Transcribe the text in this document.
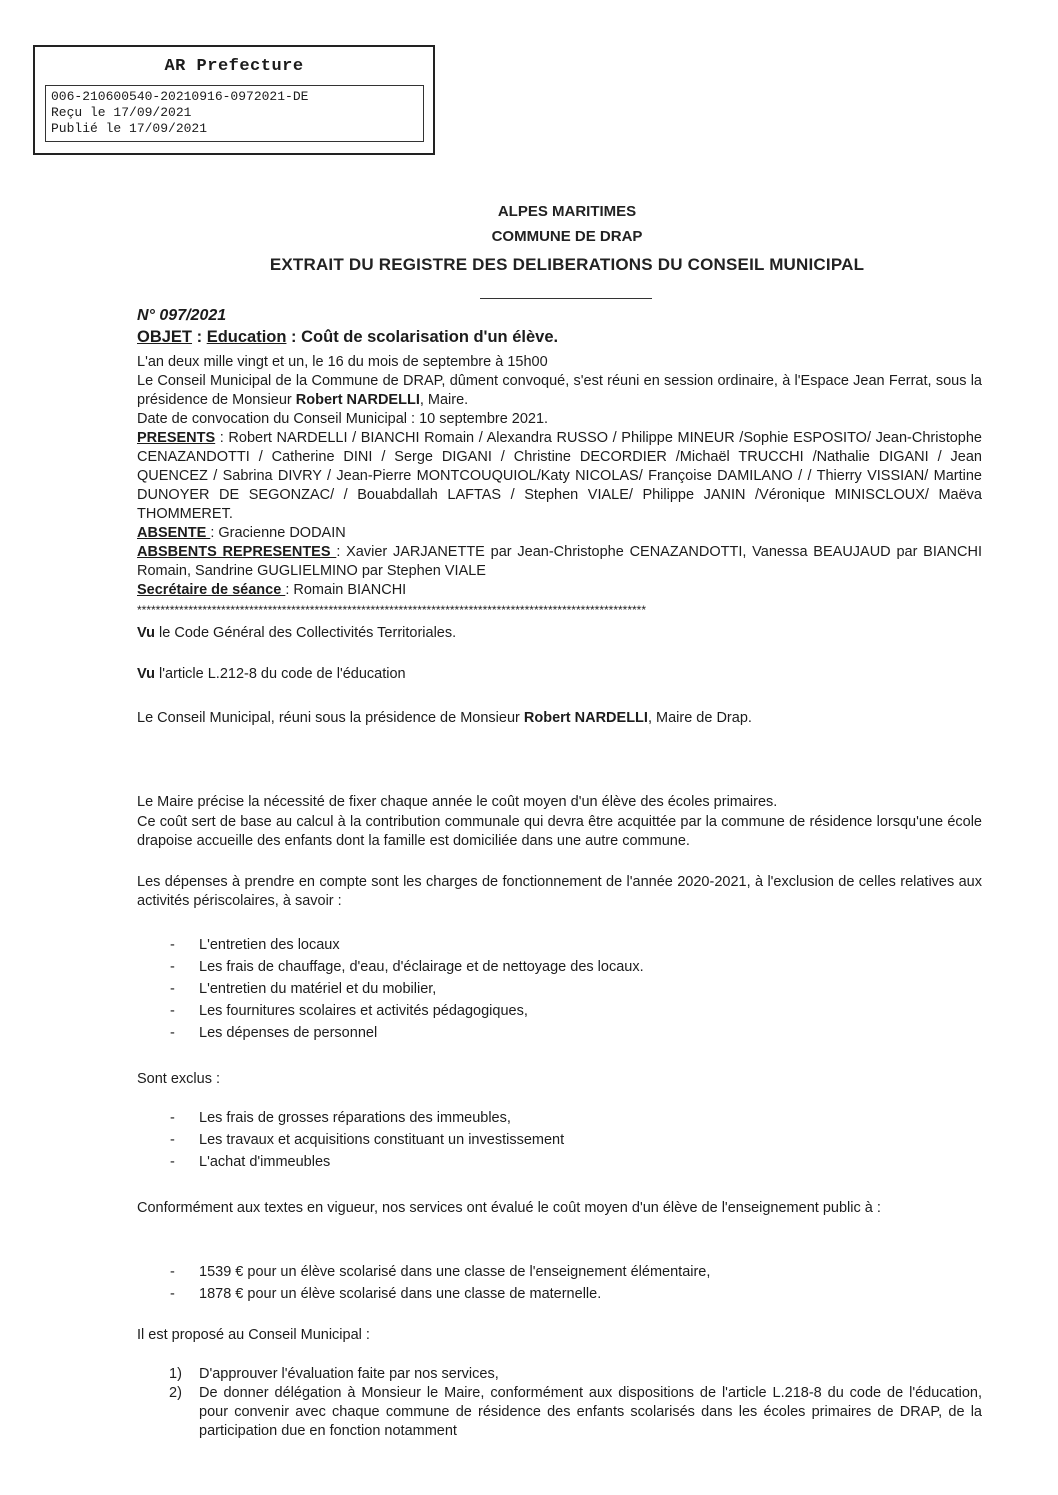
AR Prefecture
006-210600540-20210916-0972021-DE
Reçu le 17/09/2021
Publié le 17/09/2021
ALPES MARITIMES
COMMUNE DE DRAP
EXTRAIT DU REGISTRE DES DELIBERATIONS DU CONSEIL MUNICIPAL
N° 097/2021
OBJET : Education : Coût de scolarisation d'un élève.
L'an deux mille vingt et un, le 16 du mois de septembre à 15h00
Le Conseil Municipal de la Commune de DRAP, dûment convoqué, s'est réuni en session ordinaire, à l'Espace Jean Ferrat, sous la présidence de Monsieur Robert NARDELLI, Maire.
Date de convocation du Conseil Municipal : 10 septembre 2021.
PRESENTS : Robert NARDELLI / BIANCHI Romain / Alexandra RUSSO / Philippe MINEUR /Sophie ESPOSITO/ Jean-Christophe CENAZANDOTTI / Catherine DINI / Serge DIGANI / Christine DECORDIER /Michaël TRUCCHI /Nathalie DIGANI / Jean QUENCEZ / Sabrina DIVRY / Jean-Pierre MONTCOUQUIOL/Katy NICOLAS/ Françoise DAMILANO / / Thierry VISSIAN/ Martine DUNOYER DE SEGONZAC/ / Bouabdallah LAFTAS / Stephen VIALE/ Philippe JANIN /Véronique MINISCLOUX/ Maëva THOMMERET.
ABSENTE : Gracienne DODAIN
ABSBENTS REPRESENTES : Xavier JARJANETTE par Jean-Christophe CENAZANDOTTI, Vanessa BEAUJAUD par BIANCHI Romain, Sandrine GUGLIELMINO par Stephen VIALE
Secrétaire de séance : Romain BIANCHI
*************************************************************************************************************
Vu le Code Général des Collectivités Territoriales.
Vu l'article L.212-8 du code de l'éducation
Le Conseil Municipal, réuni sous la présidence de Monsieur Robert NARDELLI, Maire de Drap.
Le Maire précise la nécessité de fixer chaque année le coût moyen d'un élève des écoles primaires.
Ce coût sert de base au calcul à la contribution communale qui devra être acquittée par la commune de résidence lorsqu'une école drapoise accueille des enfants dont la famille est domiciliée dans une autre commune.
Les dépenses à prendre en compte sont les charges de fonctionnement de l'année 2020-2021, à l'exclusion de celles relatives aux activités périscolaires, à savoir :
- L'entretien des locaux
- Les frais de chauffage, d'eau, d'éclairage et de nettoyage des locaux.
- L'entretien du matériel et du mobilier,
- Les fournitures scolaires et activités pédagogiques,
- Les dépenses de personnel
Sont exclus :
- Les frais de grosses réparations des immeubles,
- Les travaux et acquisitions constituant un investissement
- L'achat d'immeubles
Conformément aux textes en vigueur, nos services ont évalué le coût moyen d'un élève de l'enseignement public à :
- 1539 € pour un élève scolarisé dans une classe de l'enseignement élémentaire,
- 1878 € pour un élève scolarisé dans une classe de maternelle.
Il est proposé au Conseil Municipal :
1) D'approuver l'évaluation faite par nos services,
2) De donner délégation à Monsieur le Maire, conformément aux dispositions de l'article L.218-8 du code de l'éducation, pour convenir avec chaque commune de résidence des enfants scolarisés dans les écoles primaires de DRAP, de la participation due en fonction notamment
